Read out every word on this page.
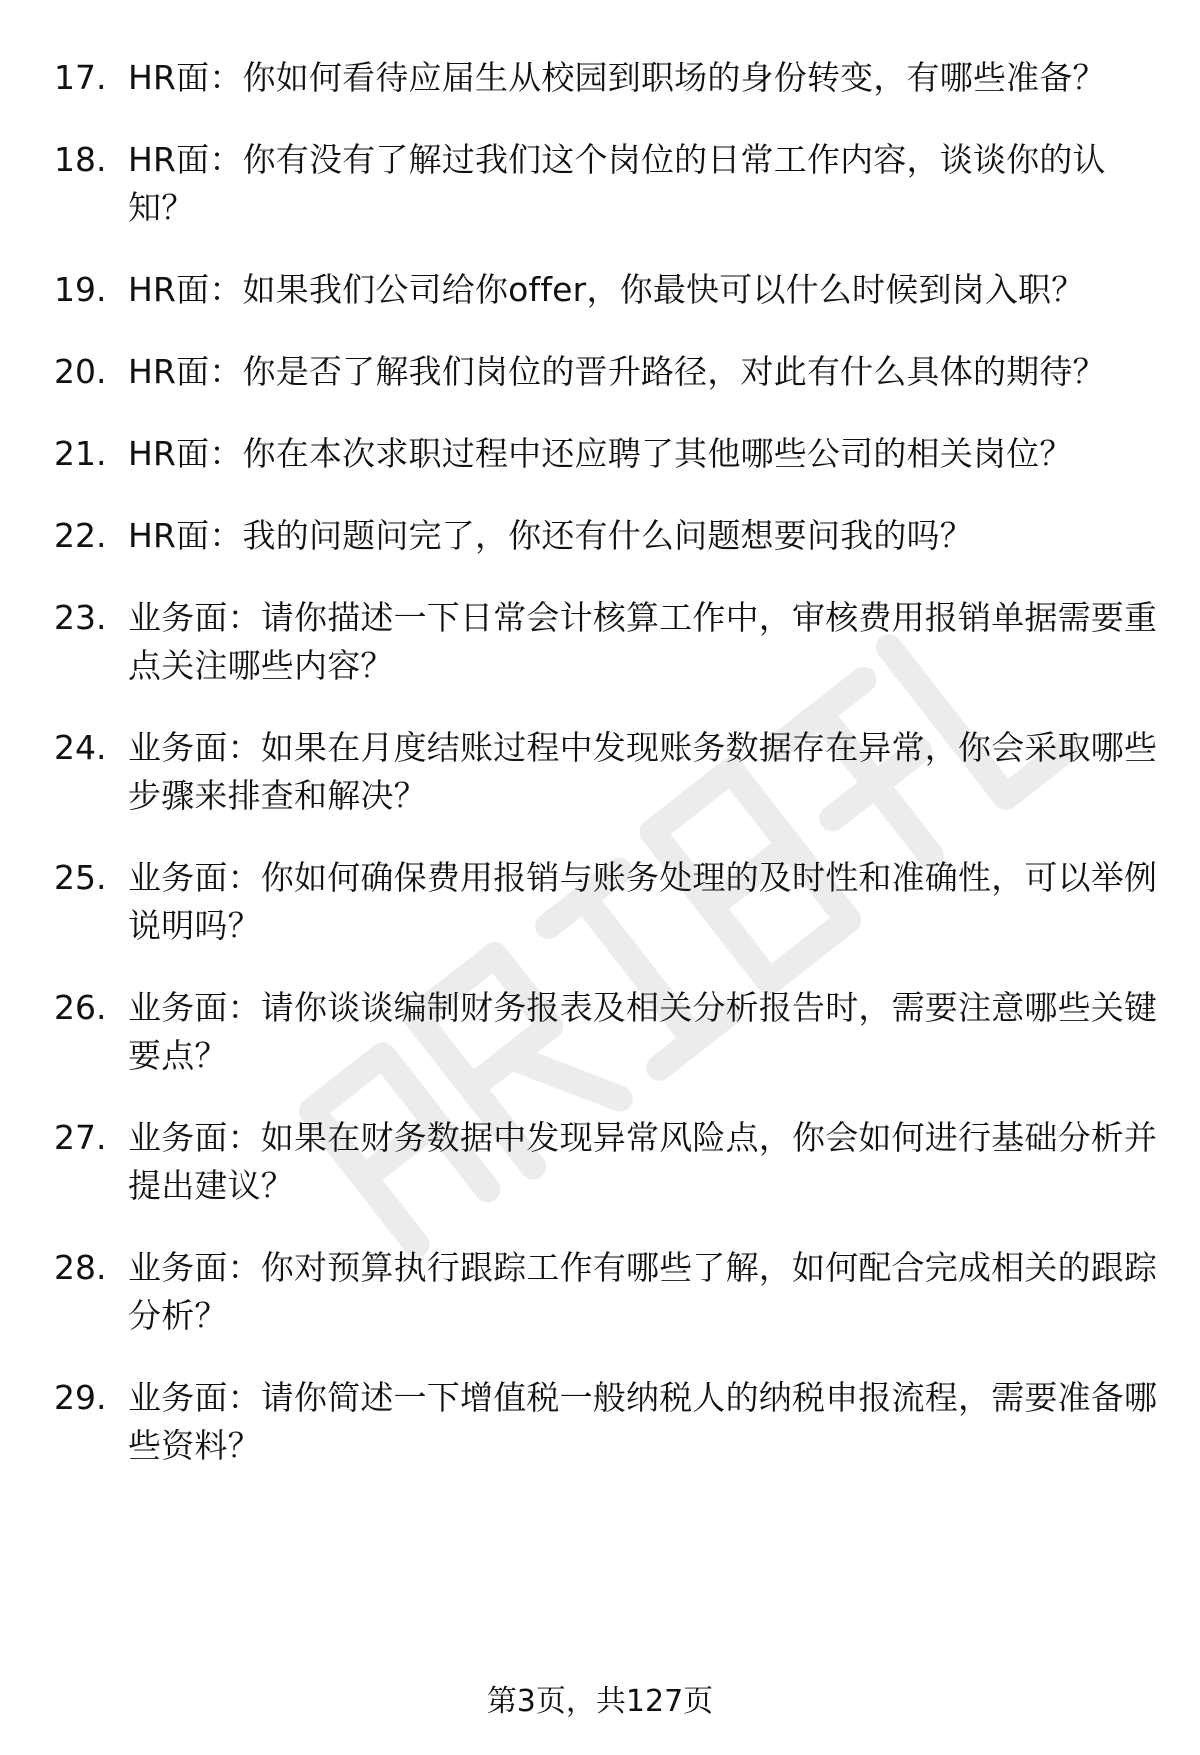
17. HR面：你如何看待应届生从校园到职场的身份转变，有哪些准备？
18. HR面：你有没有了解过我们这个岗位的日常工作内容，谈谈你的认知？
19. HR面：如果我们公司给你offer，你最快可以什么时候到岗入职？
20. HR面：你是否了解我们岗位的晋升路径，对此有什么具体的期待？
21. HR面：你在本次求职过程中还应聘了其他哪些公司的相关岗位？
22. HR面：我的问题问完了，你还有什么问题想要问我的吗？
23. 业务面：请你描述一下日常会计核算工作中，审核费用报销单据需要重点关注哪些内容？
24. 业务面：如果在月度结账过程中发现账务数据存在异常，你会采取哪些步骤来排查和解决？
25. 业务面：你如何确保费用报销与账务处理的及时性和准确性，可以举例说明吗？
26. 业务面：请你谈谈编制财务报表及相关分析报告时，需要注意哪些关键要点？
27. 业务面：如果在财务数据中发现异常风险点，你会如何进行基础分析并提出建议？
28. 业务面：你对预算执行跟踪工作有哪些了解，如何配合完成相关的跟踪分析？
29. 业务面：请你简述一下增值税一般纳税人的纳税申报流程，需要准备哪些资料？
第3页，共127页
